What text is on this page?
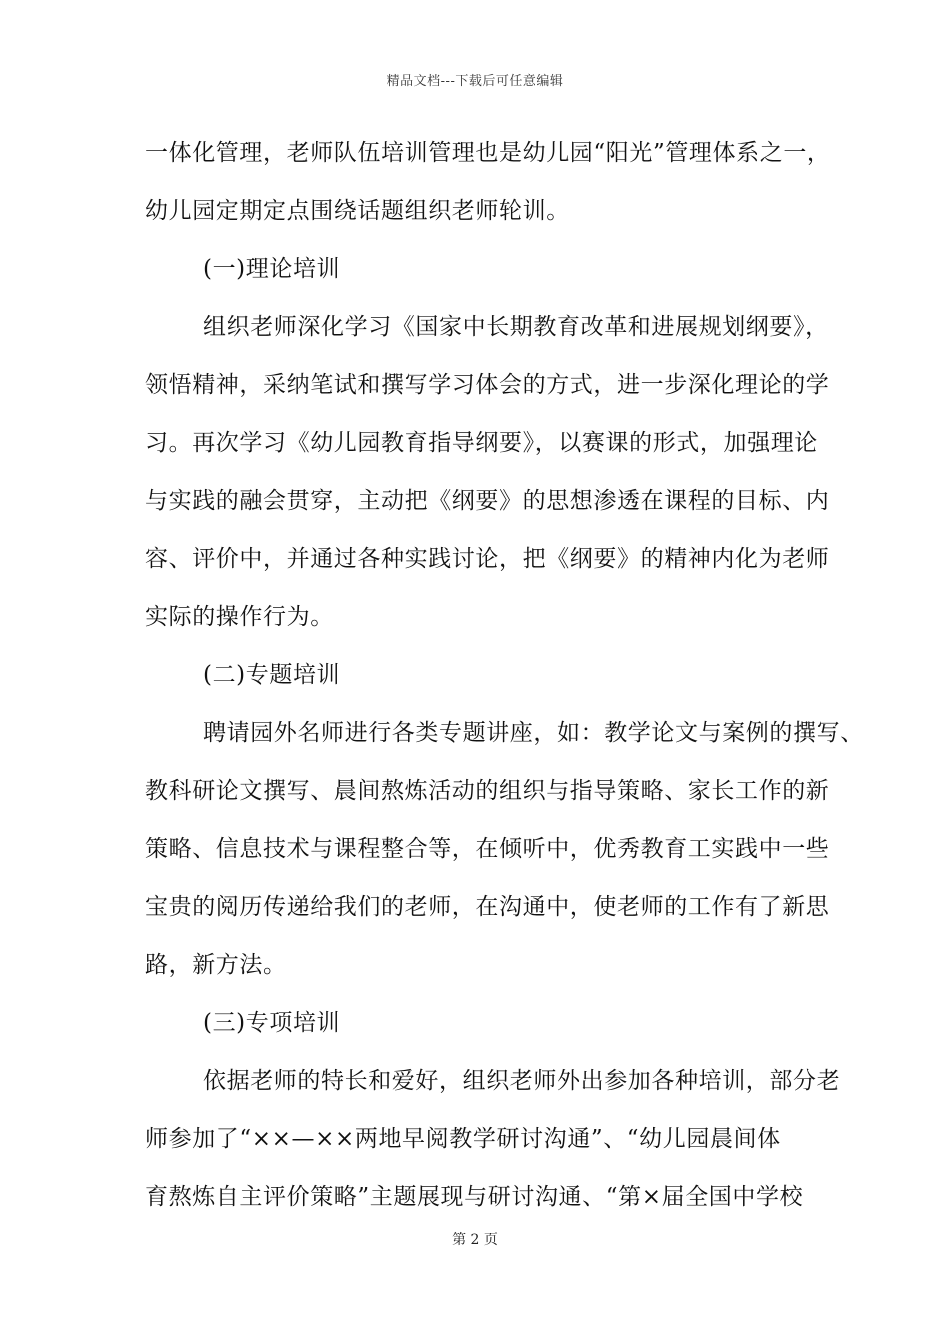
精品文档---下载后可任意编辑
一体化管理，老师队伍培训管理也是幼儿园“阳光”管理体系之一，
幼儿园定期定点围绕话题组织老师轮训。
(一)理论培训
组织老师深化学习《国家中长期教育改革和进展规划纲要》，
领悟精神，采纳笔试和撰写学习体会的方式，进一步深化理论的学
习。再次学习《幼儿园教育指导纲要》，以赛课的形式，加强理论
与实践的融会贯穿，主动把《纲要》的思想渗透在课程的目标、内
容、评价中，并通过各种实践讨论，把《纲要》的精神内化为老师
实际的操作行为。
(二)专题培训
聘请园外名师进行各类专题讲座，如：教学论文与案例的撰写、
教科研论文撰写、晨间熬炼活动的组织与指导策略、家长工作的新
策略、信息技术与课程整合等，在倾听中，优秀教育工实践中一些
宝贵的阅历传递给我们的老师，在沟通中，使老师的工作有了新思
路，新方法。
(三)专项培训
依据老师的特长和爱好，组织老师外出参加各种培训，部分老
师参加了“××—××两地早阅教学研讨沟通”、“幼儿园晨间体
育熬炼自主评价策略”主题展现与研讨沟通、“第×届全国中学校
第 2 页
